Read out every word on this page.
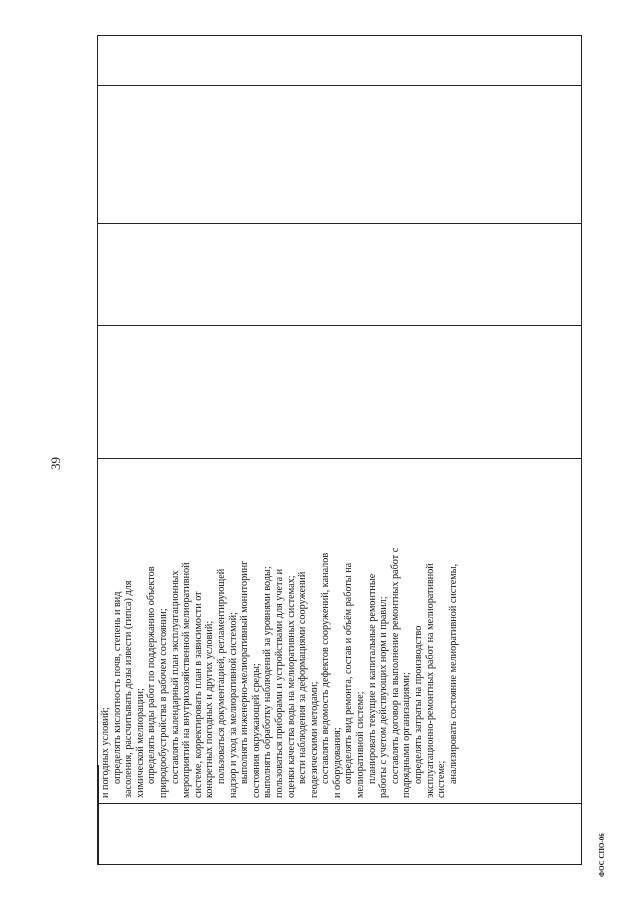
39
и погодных условий; определять кислотность почв, степень и вид засоления, рассчитывать дозы извести (гипса) для химической мелиорации; определять виды работ по поддержанию объектов природообустройства в рабочем состоянии; составлять календарный план эксплуатационных мероприятий на внутрихозяйственной мелиоративной системе, корректировать план в зависимости от конкретных погодных и других условий; пользоваться документацией, регламентирующей надзор и уход за мелиоративной системой; выполнять инженерно-мелиоративный мониторинг состояния окружающей среды; выполнять обработку наблюдений за уровнями воды; пользоваться приборами и устройствами для учета и оценки качества воды на мелиоративных системах; вести наблюдения за деформациями сооружений геодезическими методами; составлять ведомость дефектов сооружений, каналов и оборудования; определять вид ремонта, состав и объём работы на мелиоративной системе; планировать текущие и капитальные ремонтные работы с учетом действующих норм и правил; составлять договор на выполнение ремонтных работ с подрядными организациями; определять затраты на производство эксплуатационно-ремонтных работ на мелиоративной системе; анализировать состояние мелиоративной системы,
ФОС СПО-06
